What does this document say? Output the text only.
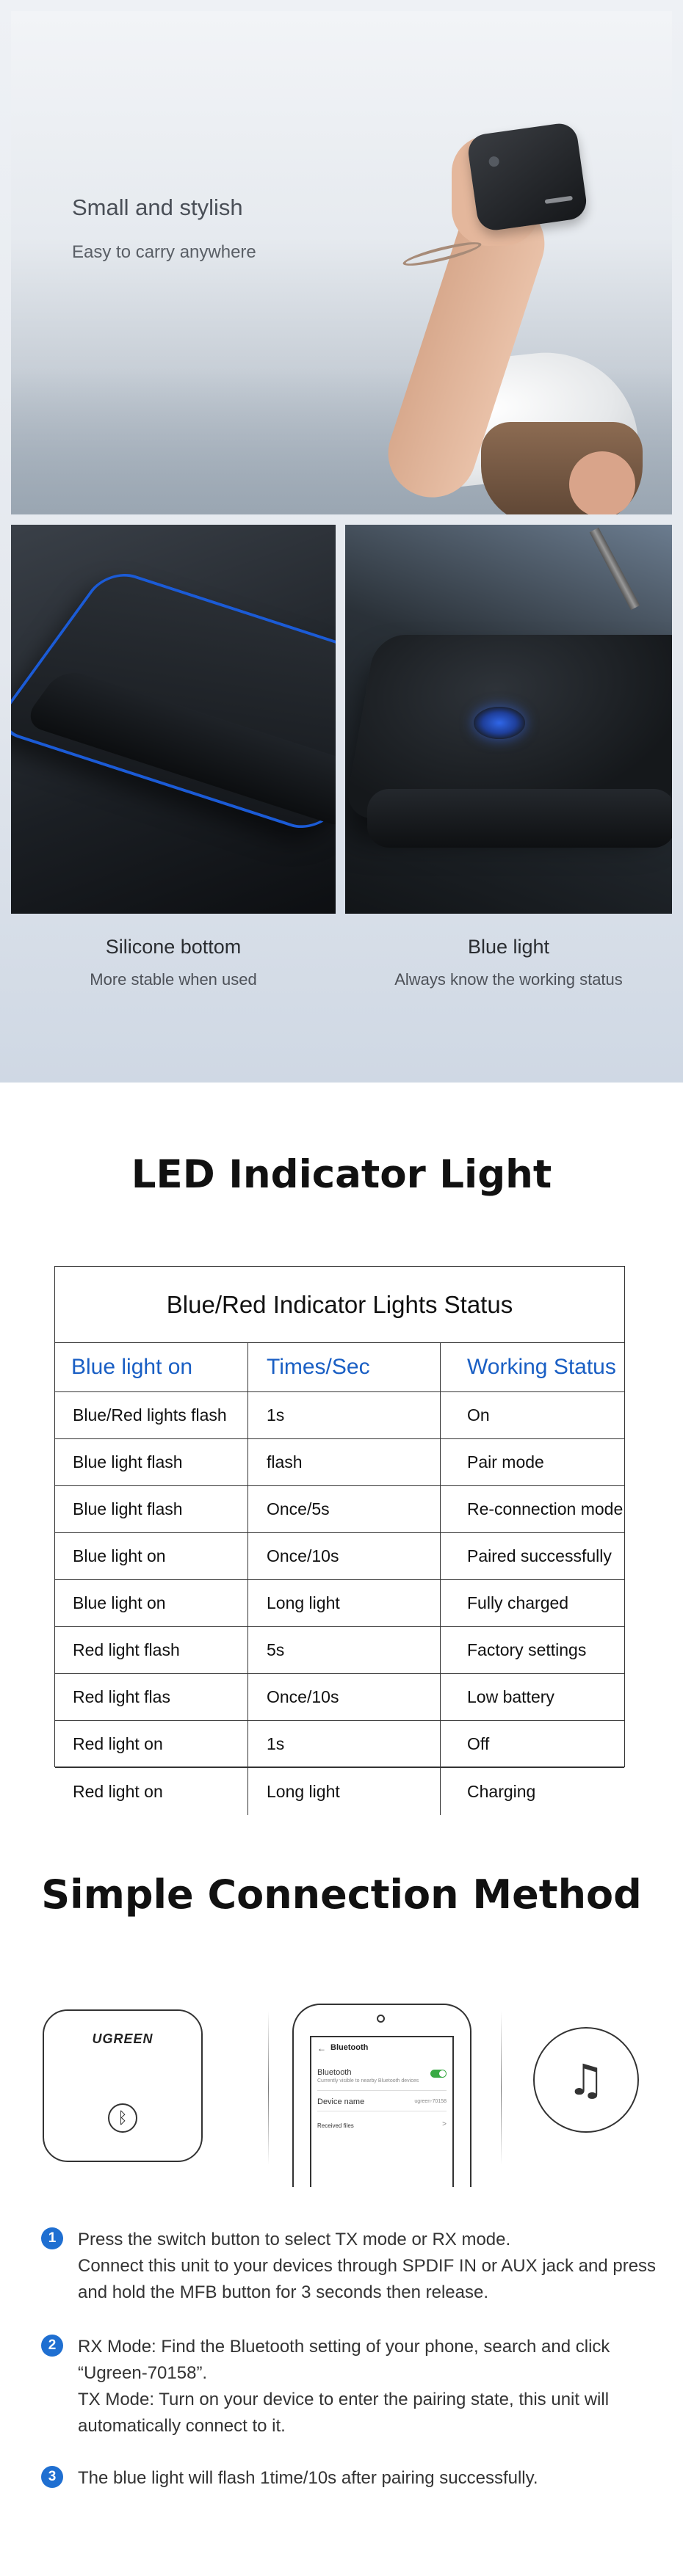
Small and stylish

Easy to carry anywhere

Silicone bottom
More stable when used
Blue light
Always know the working status
LED Indicator Light
Blue/Red Indicator Lights Status
Blue light on	Times/Sec	Working Status
Blue/Red lights flash	1s	On
Blue light flash	flash	Pair mode
Blue light flash	Once/5s	Re-connection mode
Blue light on	Once/10s	Paired successfully
Blue light on	Long light	Fully charged
Red light flash	5s	Factory settings
Red light flas	Once/10s	Low battery
Red light on	1s	Off
Red light on	Long light	Charging
Simple Connection Method
UGREEN
ᛒ
← Bluetooth
Bluetooth
Currently visible to nearby Bluetooth devices
Device name	ugreen-70158
Received files	>
♫
1	Press the switch button to select TX mode or RX mode.
Connect this unit to your devices through SPDIF IN or AUX jack and press and hold the MFB button for 3 seconds then release.
2	RX Mode: Find the Bluetooth setting of your phone, search and click “Ugreen-70158”.
TX Mode: Turn on your device to enter the pairing state, this unit will automatically connect to it.
3	The blue light will flash 1time/10s after pairing successfully.
